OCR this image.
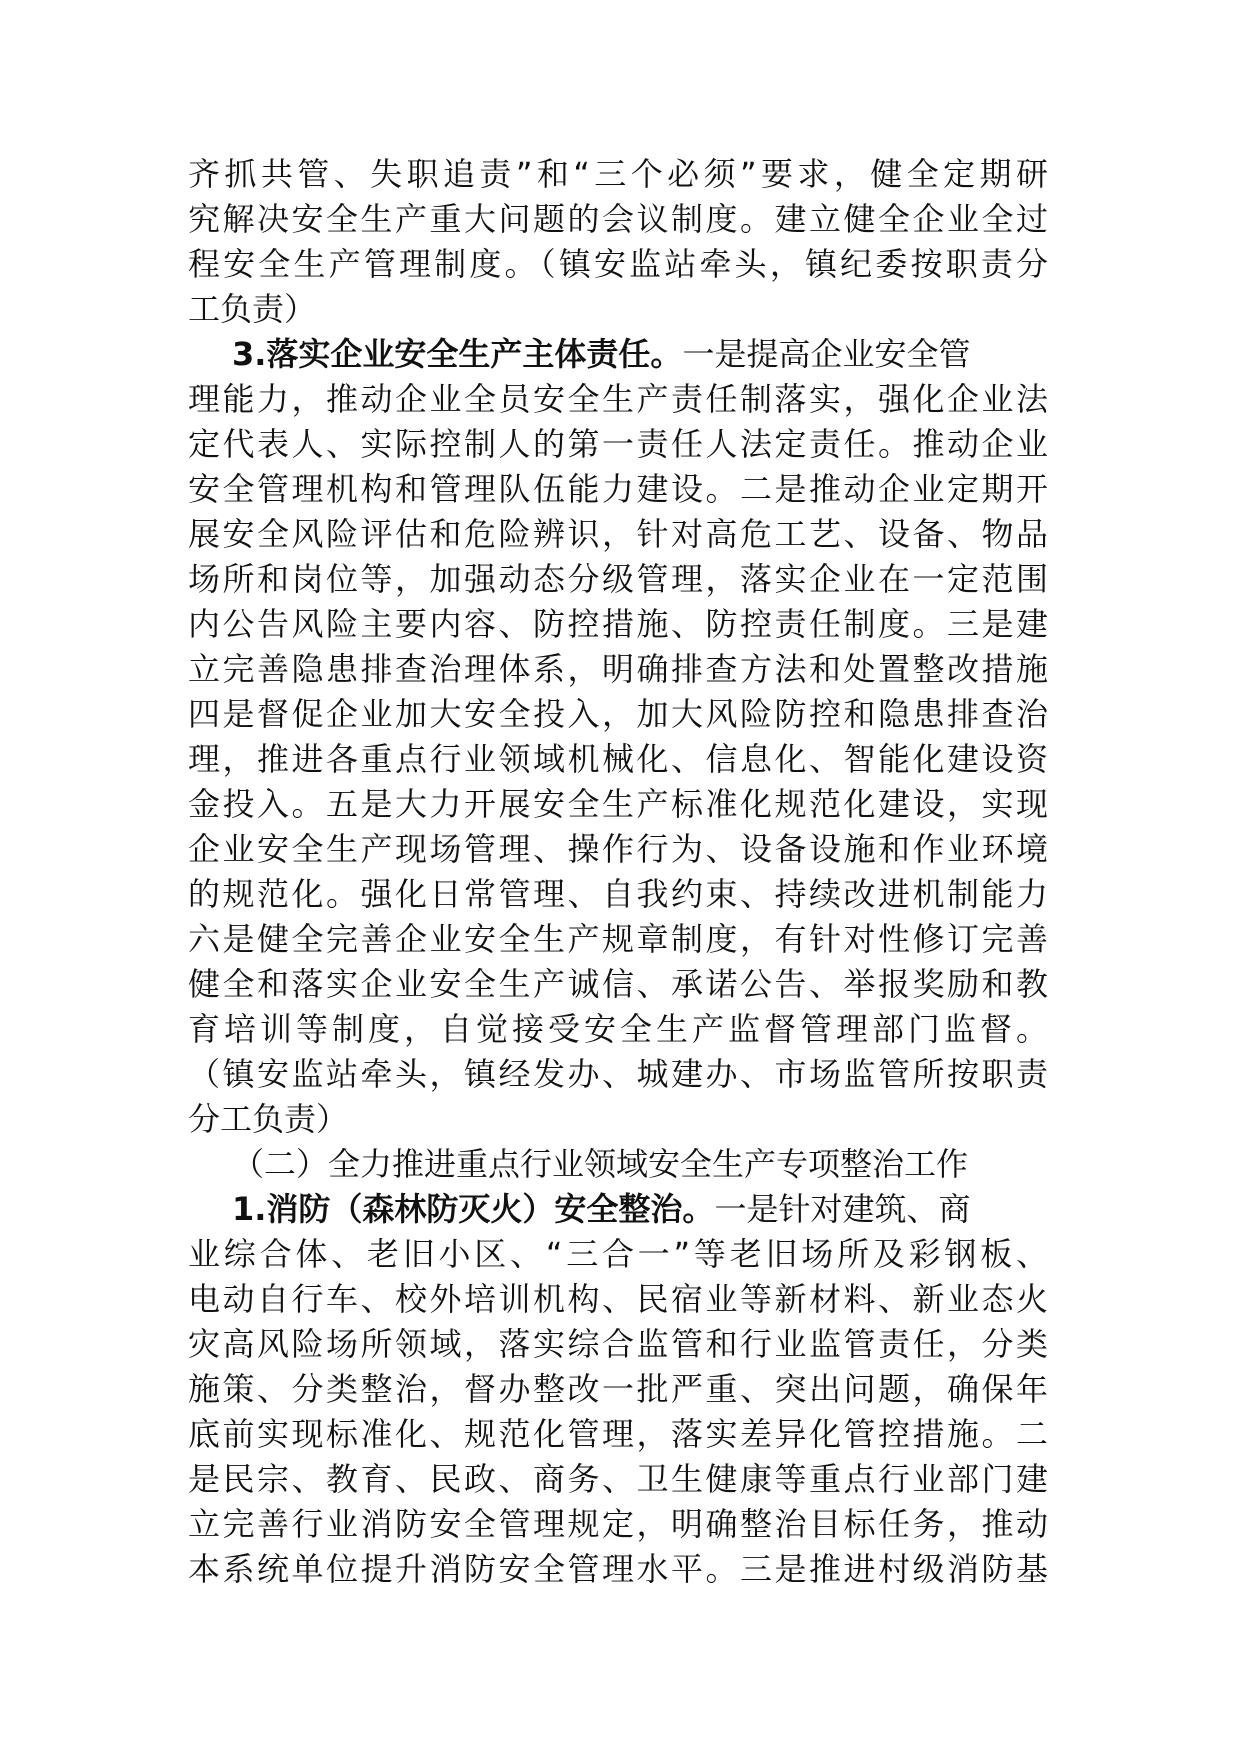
齐抓共管、失职追责”和“三个必须”要求，健全定期研
究解决安全生产重大问题的会议制度。建立健全企业全过
程安全生产管理制度。（镇安监站牵头，镇纪委按职责分
工负责）
3.落实企业安全生产主体责任。一是提高企业安全管
理能力，推动企业全员安全生产责任制落实，强化企业法
定代表人、实际控制人的第一责任人法定责任。推动企业
安全管理机构和管理队伍能力建设。二是推动企业定期开
展安全风险评估和危险辨识，针对高危工艺、设备、物品
场所和岗位等，加强动态分级管理，落实企业在一定范围
内公告风险主要内容、防控措施、防控责任制度。三是建
立完善隐患排查治理体系，明确排查方法和处置整改措施
四是督促企业加大安全投入，加大风险防控和隐患排查治
理，推进各重点行业领域机械化、信息化、智能化建设资
金投入。五是大力开展安全生产标准化规范化建设，实现
企业安全生产现场管理、操作行为、设备设施和作业环境
的规范化。强化日常管理、自我约束、持续改进机制能力
六是健全完善企业安全生产规章制度，有针对性修订完善
健全和落实企业安全生产诚信、承诺公告、举报奖励和教
育培训等制度，自觉接受安全生产监督管理部门监督。
（镇安监站牵头，镇经发办、城建办、市场监管所按职责
分工负责）
（二）全力推进重点行业领域安全生产专项整治工作
1.消防（森林防灭火）安全整治。一是针对建筑、商
业综合体、老旧小区、“三合一”等老旧场所及彩钢板、
电动自行车、校外培训机构、民宿业等新材料、新业态火
灾高风险场所领域，落实综合监管和行业监管责任，分类
施策、分类整治，督办整改一批严重、突出问题，确保年
底前实现标准化、规范化管理，落实差异化管控措施。二
是民宗、教育、民政、商务、卫生健康等重点行业部门建
立完善行业消防安全管理规定，明确整治目标任务，推动
本系统单位提升消防安全管理水平。三是推进村级消防基
